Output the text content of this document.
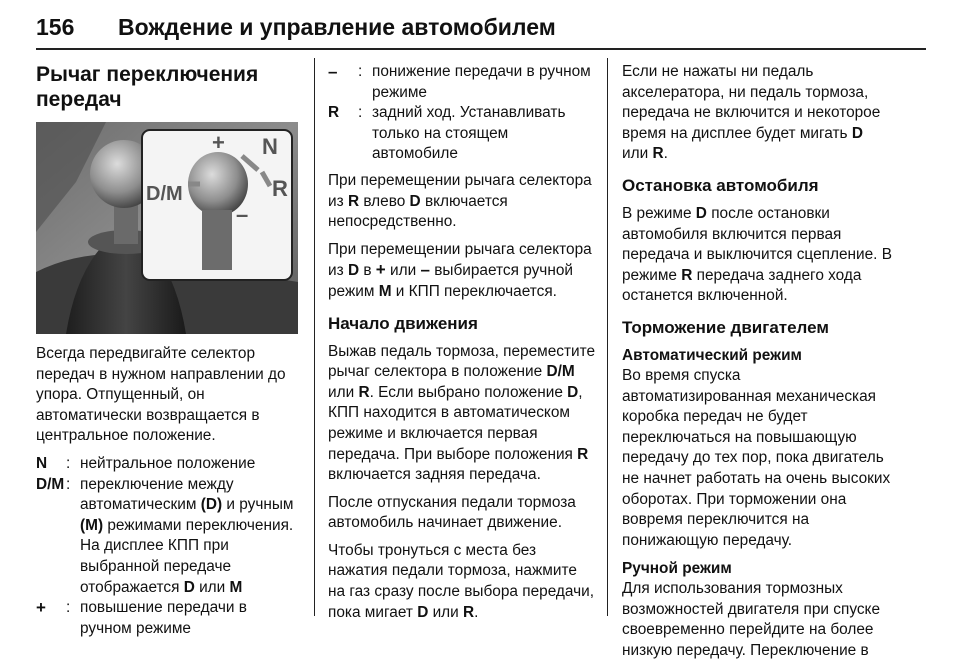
156 Вождение и управление автомобилем
Рычаг переключения передач
+ N
R
D/M
–

Всегда передвигайте селектор передач в нужном направлении до упора. Отпущенный, он автоматически возвращается в центральное положение.

N	: нейтральное положение
D/M : переключение между автоматическим (D) и ручным (M) режимами переключения. На дисплее КПП при выбранной передаче отображается D или M
+	: повышение передачи в ручном режиме
–	: понижение передачи в ручном режиме
R	: задний ход. Устанавливать только на стоящем автомобиле

При перемещении рычага селектора из R влево D включается непосредственно.

При перемещении рычага селектора из D в + или – выбирается ручной режим M и КПП переключается.

Начало движения

Выжав педаль тормоза, переместите рычаг селектора в положение D/M или R. Если выбрано положение D, КПП находится в автоматическом режиме и включается первая передача. При выборе положения R включается задняя передача.

После отпускания педали тормоза автомобиль начинает движение.

Чтобы тронуться с места без нажатия педали тормоза, нажмите на газ сразу после выбора передачи, пока мигает D или R.

Если не нажаты ни педаль акселератора, ни педаль тормоза, передача не включится и некоторое время на дисплее будет мигать D или R.

Остановка автомобиля

В режиме D после остановки автомобиля включится первая передача и выключится сцепление. В режиме R передача заднего хода останется включенной.

Торможение двигателем
Автоматический режим

Во время спуска автоматизированная механическая коробка передач не будет переключаться на повышающую передачу до тех пор, пока двигатель не начнет работать на очень высоких оборотах. При торможении она вовремя переключится на понижающую передачу.

Ручной режим

Для использования тормозных возможностей двигателя при спуске своевременно перейдите на более низкую передачу. Переключение в
